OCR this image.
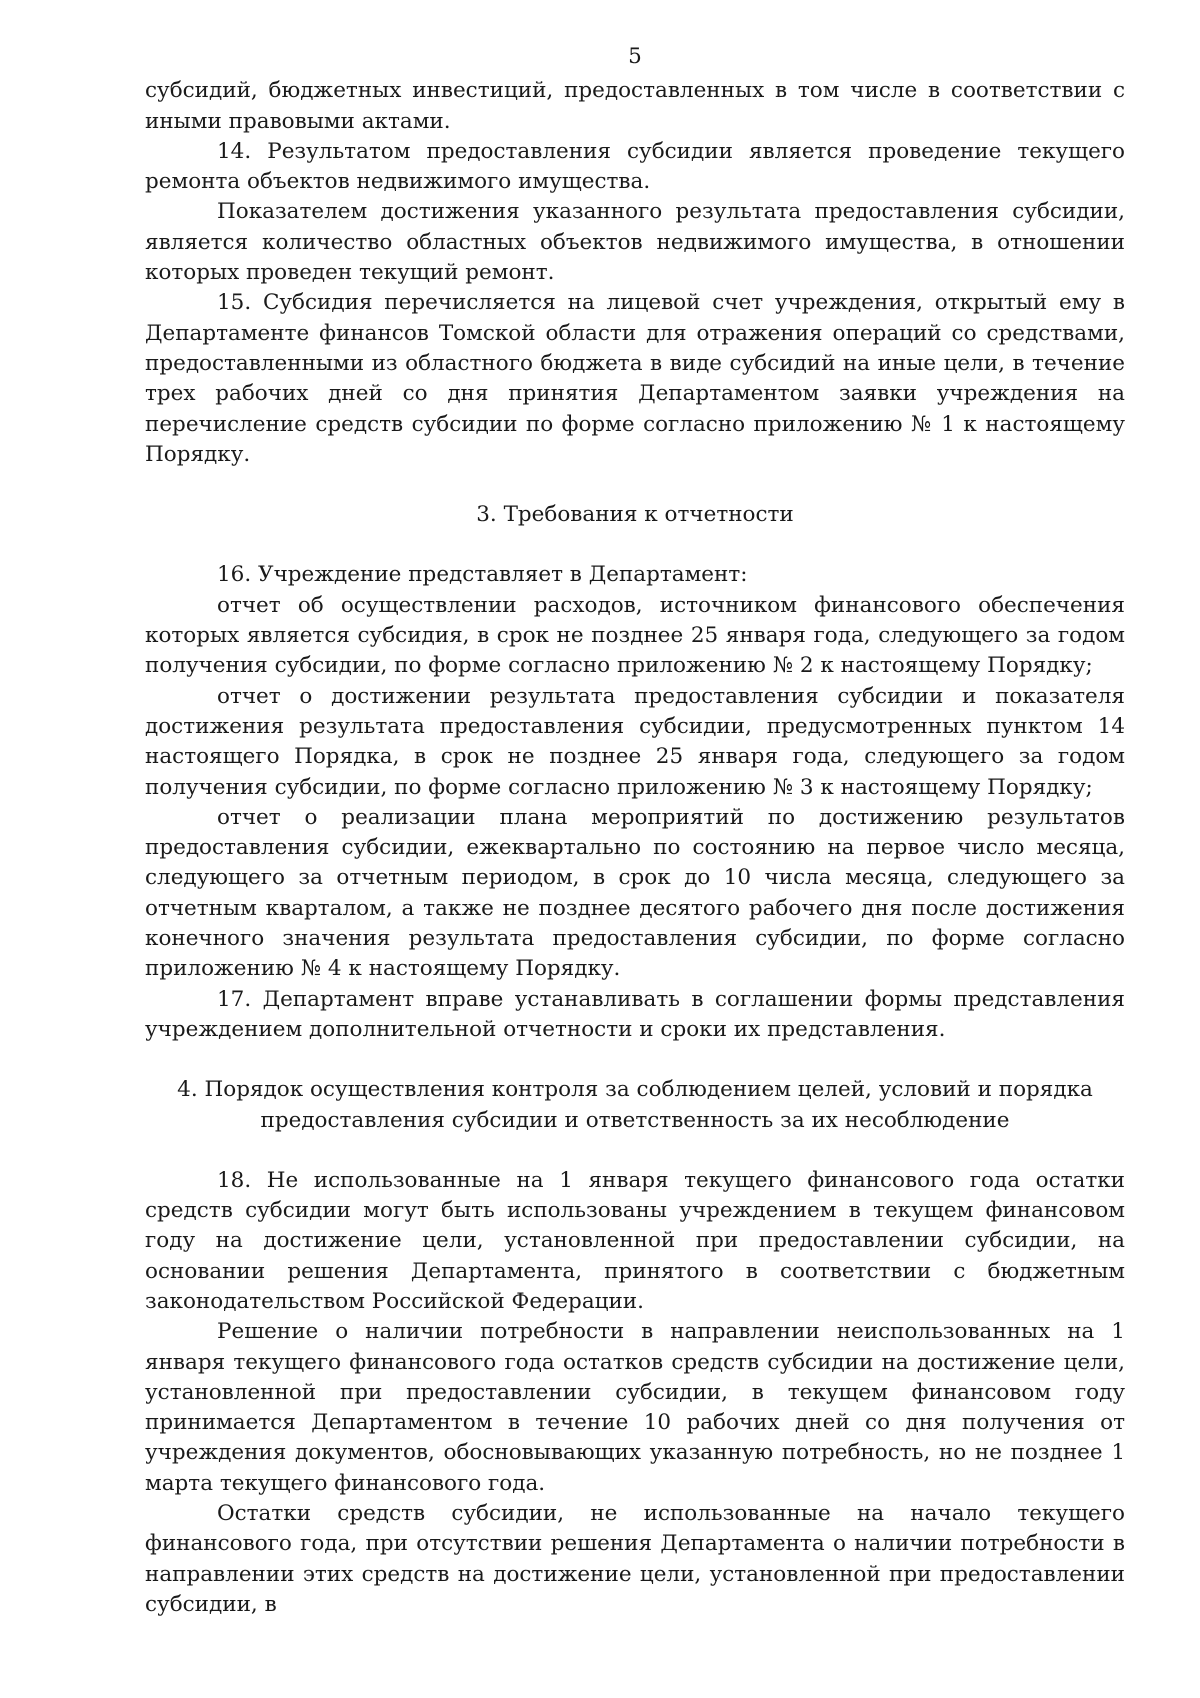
5

субсидий, бюджетных инвестиций, предоставленных в том числе в соответствии с иными правовыми актами.

14. Результатом предоставления субсидии является проведение текущего ремонта объектов недвижимого имущества.

Показателем достижения указанного результата предоставления субсидии, является количество областных объектов недвижимого имущества, в отношении которых проведен текущий ремонт.

15. Субсидия перечисляется на лицевой счет учреждения, открытый ему в Департаменте финансов Томской области для отражения операций со средствами, предоставленными из областного бюджета в виде субсидий на иные цели, в течение трех рабочих дней со дня принятия Департаментом заявки учреждения на перечисление средств субсидии по форме согласно приложению № 1 к настоящему Порядку.

3. Требования к отчетности

16. Учреждение представляет в Департамент:

отчет об осуществлении расходов, источником финансового обеспечения которых является субсидия, в срок не позднее 25 января года, следующего за годом получения субсидии, по форме согласно приложению № 2 к настоящему Порядку;

отчет о достижении результата предоставления субсидии и показателя достижения результата предоставления субсидии, предусмотренных пунктом 14 настоящего Порядка, в срок не позднее 25 января года, следующего за годом получения субсидии, по форме согласно приложению № 3 к настоящему Порядку;

отчет о реализации плана мероприятий по достижению результатов предоставления субсидии, ежеквартально по состоянию на первое число месяца, следующего за отчетным периодом, в срок до 10 числа месяца, следующего за отчетным кварталом, а также не позднее десятого рабочего дня после достижения конечного значения результата предоставления субсидии, по форме согласно приложению № 4 к настоящему Порядку.

17. Департамент вправе устанавливать в соглашении формы представления учреждением дополнительной отчетности и сроки их представления.

4. Порядок осуществления контроля за соблюдением целей, условий и порядка

предоставления субсидии и ответственность за их несоблюдение

18. Не использованные на 1 января текущего финансового года остатки средств субсидии могут быть использованы учреждением в текущем финансовом году на достижение цели, установленной при предоставлении субсидии, на основании решения Департамента, принятого в соответствии с бюджетным законодательством Российской Федерации.

Решение о наличии потребности в направлении неиспользованных на 1 января текущего финансового года остатков средств субсидии на достижение цели, установленной при предоставлении субсидии, в текущем финансовом году принимается Департаментом в течение 10 рабочих дней со дня получения от учреждения документов, обосновывающих указанную потребность, но не позднее 1 марта текущего финансового года.

Остатки средств субсидии, не использованные на начало текущего финансового года, при отсутствии решения Департамента о наличии потребности в направлении этих средств на достижение цели, установленной при предоставлении субсидии, в
